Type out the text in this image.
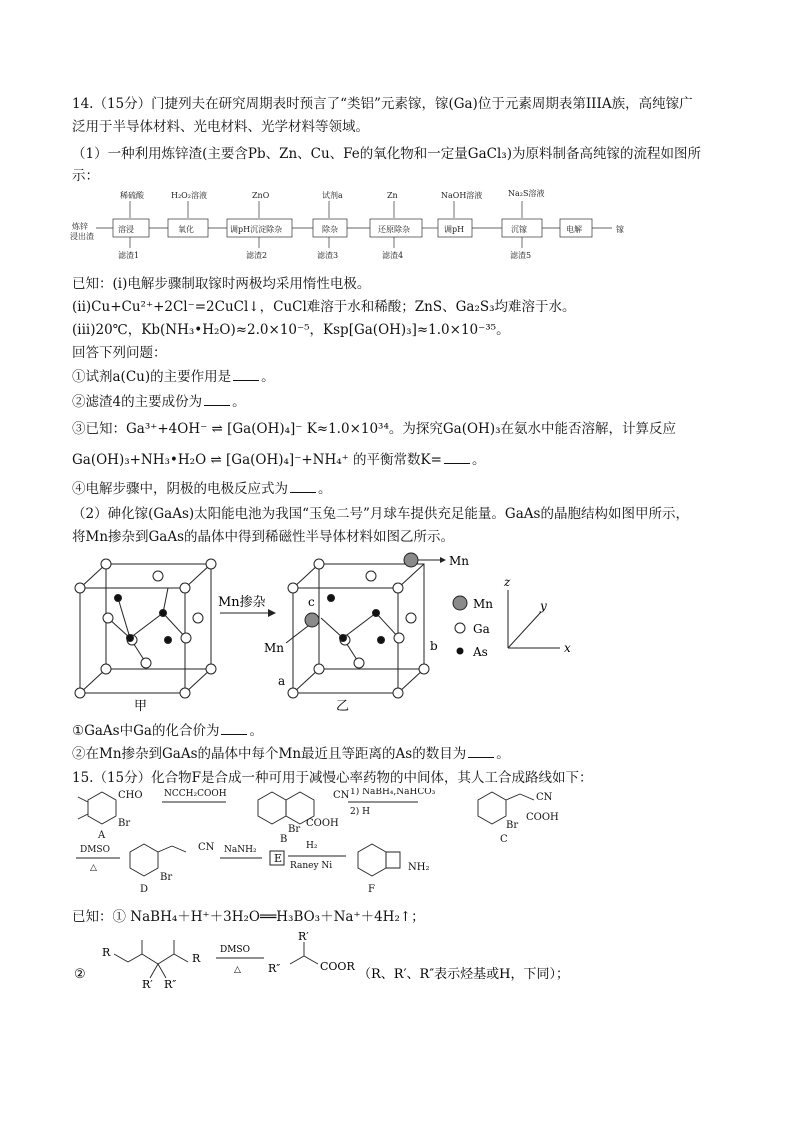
14.（15分）门捷列夫在研究周期表时预言了“类铝”元素镓，镓(Ga)位于元素周期表第IIIA族，高纯镓广
泛用于半导体材料、光电材料、光学材料等领域。
（1）一种利用炼锌渣(主要含Pb、Zn、Cu、Fe的氧化物和一定量GaCl₃)为原料制备高纯镓的流程如图所
示：
炼锌
浸出渣
稀硫酸	H₂O₂溶液	ZnO	试剂a	Zn	NaOH溶液	Na₂S溶液
溶浸	氧化	调pH沉淀除杂	除杂	还原除杂	调pH	沉镓	电解	镓
滤渣1	滤渣2	滤渣3	滤渣4	滤渣5
已知：(i)电解步骤制取镓时两极均采用惰性电极。
(ii)Cu+Cu²⁺+2Cl⁻=2CuCl↓，CuCl难溶于水和稀酸；ZnS、Ga₂S₃均难溶于水。
(iii)20℃，Kb(NH₃•H₂O)≈2.0×10⁻⁵，Ksp[Ga(OH)₃]≈1.0×10⁻³⁵。
回答下列问题：
①试剂a(Cu)的主要作用是 。
②滤渣4的主要成份为 。
③已知：Ga³⁺+4OH⁻ ⇌ [Ga(OH)₄]⁻ K≈1.0×10³⁴。为探究Ga(OH)₃在氨水中能否溶解，计算反应
Ga(OH)₃+NH₃•H₂O ⇌ [Ga(OH)₄]⁻+NH₄⁺ 的平衡常数K= 。
④电解步骤中，阴极的电极反应式为 。
（2）砷化镓(GaAs)太阳能电池为我国“玉兔二号”月球车提供充足能量。GaAs的晶胞结构如图甲所示，
将Mn掺杂到GaAs的晶体中得到稀磁性半导体材料如图乙所示。
甲
Mn掺杂
Mn
Mn
c
a
b
乙
Mn
Ga
As
z
y
x
①GaAs中Ga的化合价为 。
②在Mn掺杂到GaAs的晶体中每个Mn最近且等距离的As的数目为 。
15.（15分）化合物F是合成一种可用于减慢心率药物的中间体，其人工合成路线如下：
CHO
Br
A
CN
Br
COOH
B
CN
Br
COOH
C
CN
Br
D
NH₂
F
NCCH₂COOH	1) NaBH₄,NaHCO₃
2) H
DMSO
△
NaNH₂	H₂
Raney Ni
E
已知：① NaBH₄＋H⁺＋3H₂O══H₃BO₃＋Na⁺＋4H₂↑；
②
R	R
R′ R″
DMSO
△
R′
R″	COOR
（R、R′、R″表示烃基或H，下同）；
